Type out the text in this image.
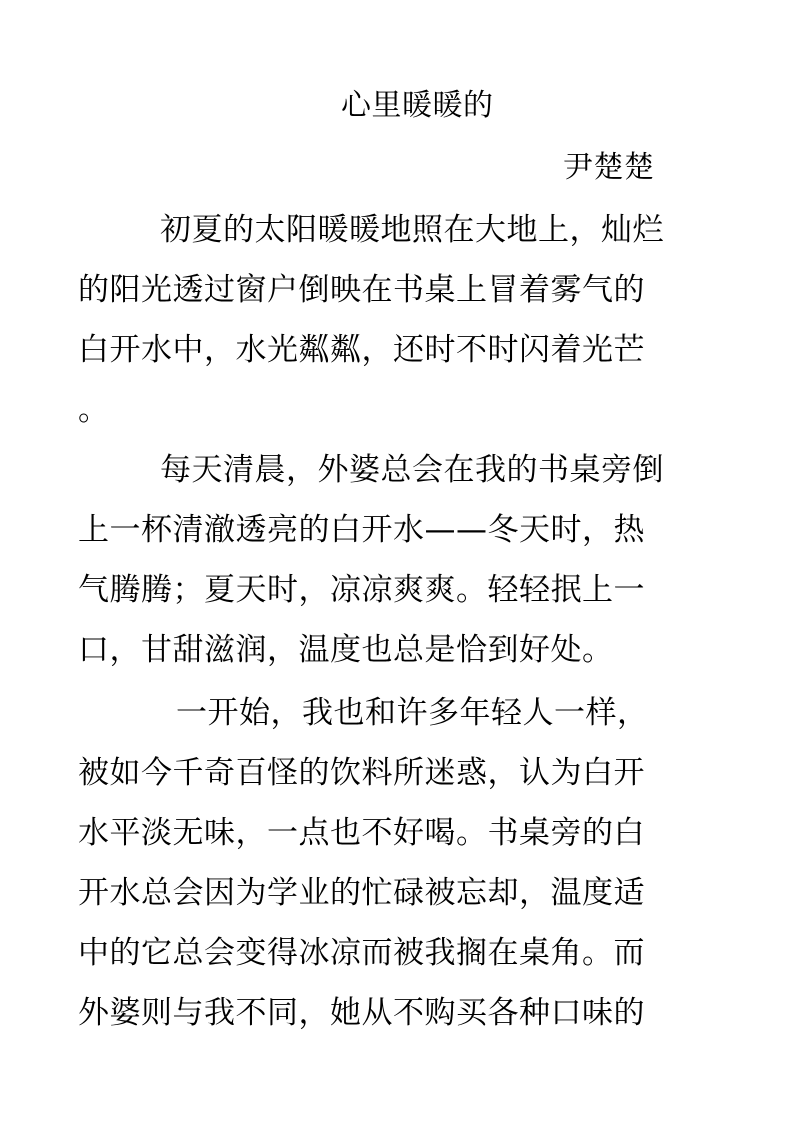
心里暖暖的
尹楚楚
初夏的太阳暖暖地照在大地上，灿烂
的阳光透过窗户倒映在书桌上冒着雾气的
白开水中，水光粼粼，还时不时闪着光芒
。
每天清晨，外婆总会在我的书桌旁倒
上一杯清澈透亮的白开水——冬天时，热
气腾腾；夏天时，凉凉爽爽。轻轻抿上一
口，甘甜滋润，温度也总是恰到好处。
一开始，我也和许多年轻人一样，
被如今千奇百怪的饮料所迷惑，认为白开
水平淡无味，一点也不好喝。书桌旁的白
开水总会因为学业的忙碌被忘却，温度适
中的它总会变得冰凉而被我搁在桌角。而
外婆则与我不同，她从不购买各种口味的
